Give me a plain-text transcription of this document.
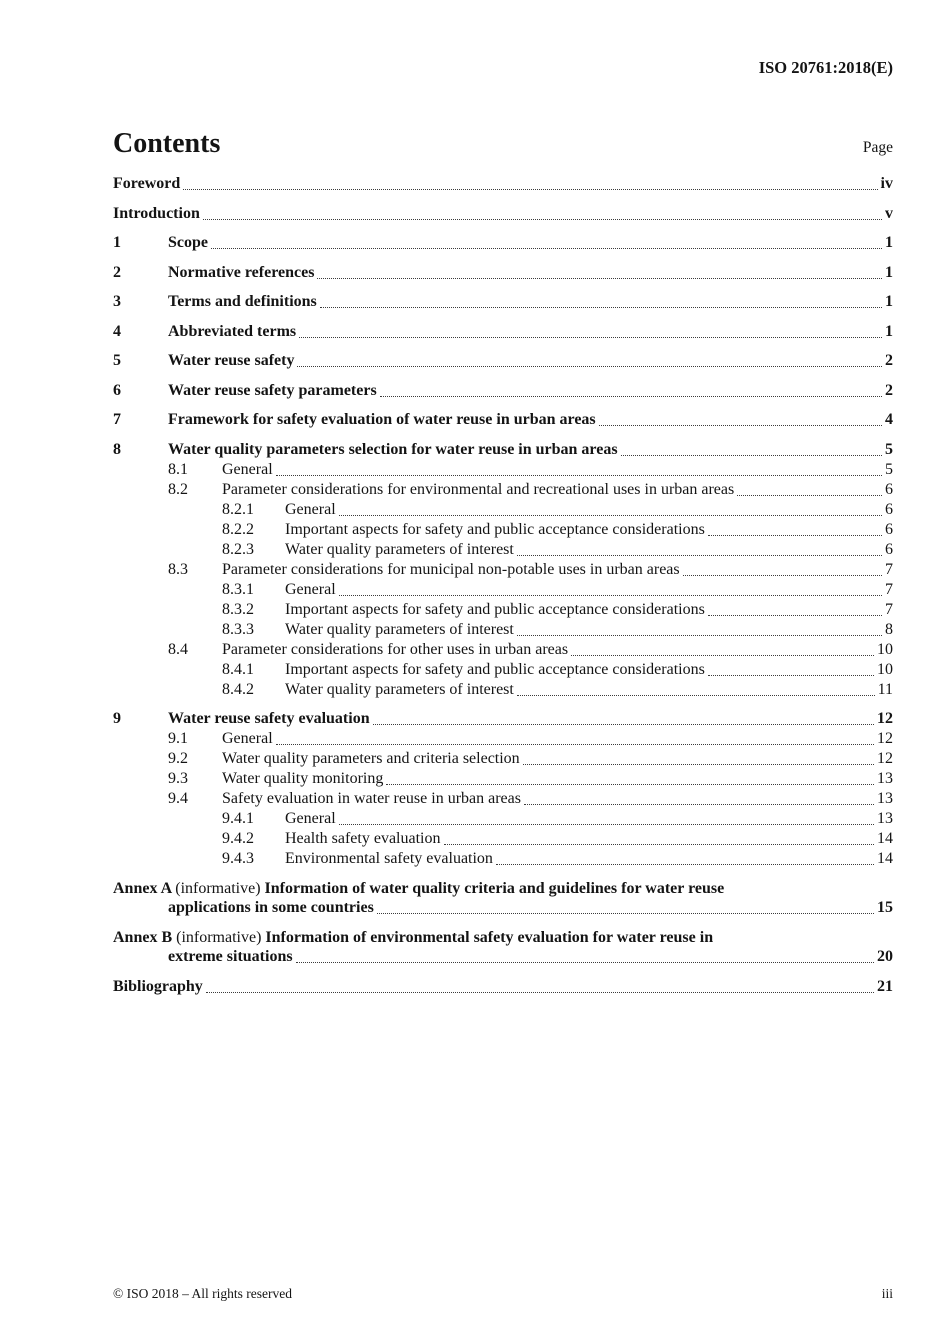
ISO 20761:2018(E)
Contents	Page
Foreword	iv
Introduction	v
1	Scope	1
2	Normative references	1
3	Terms and definitions	1
4	Abbreviated terms	1
5	Water reuse safety	2
6	Water reuse safety parameters	2
7	Framework for safety evaluation of water reuse in urban areas	4
8	Water quality parameters selection for water reuse in urban areas	5
8.1	General	5
8.2	Parameter considerations for environmental and recreational uses in urban areas	6
8.2.1	General	6
8.2.2	Important aspects for safety and public acceptance considerations	6
8.2.3	Water quality parameters of interest	6
8.3	Parameter considerations for municipal non-potable uses in urban areas	7
8.3.1	General	7
8.3.2	Important aspects for safety and public acceptance considerations	7
8.3.3	Water quality parameters of interest	8
8.4	Parameter considerations for other uses in urban areas	10
8.4.1	Important aspects for safety and public acceptance considerations	10
8.4.2	Water quality parameters of interest	11
9	Water reuse safety evaluation	12
9.1	General	12
9.2	Water quality parameters and criteria selection	12
9.3	Water quality monitoring	13
9.4	Safety evaluation in water reuse in urban areas	13
9.4.1	General	13
9.4.2	Health safety evaluation	14
9.4.3	Environmental safety evaluation	14
Annex A (informative) Information of water quality criteria and guidelines for water reuse
applications in some countries	15
Annex B (informative) Information of environmental safety evaluation for water reuse in
extreme situations	20
Bibliography	21
© ISO 2018 – All rights reserved	iii
